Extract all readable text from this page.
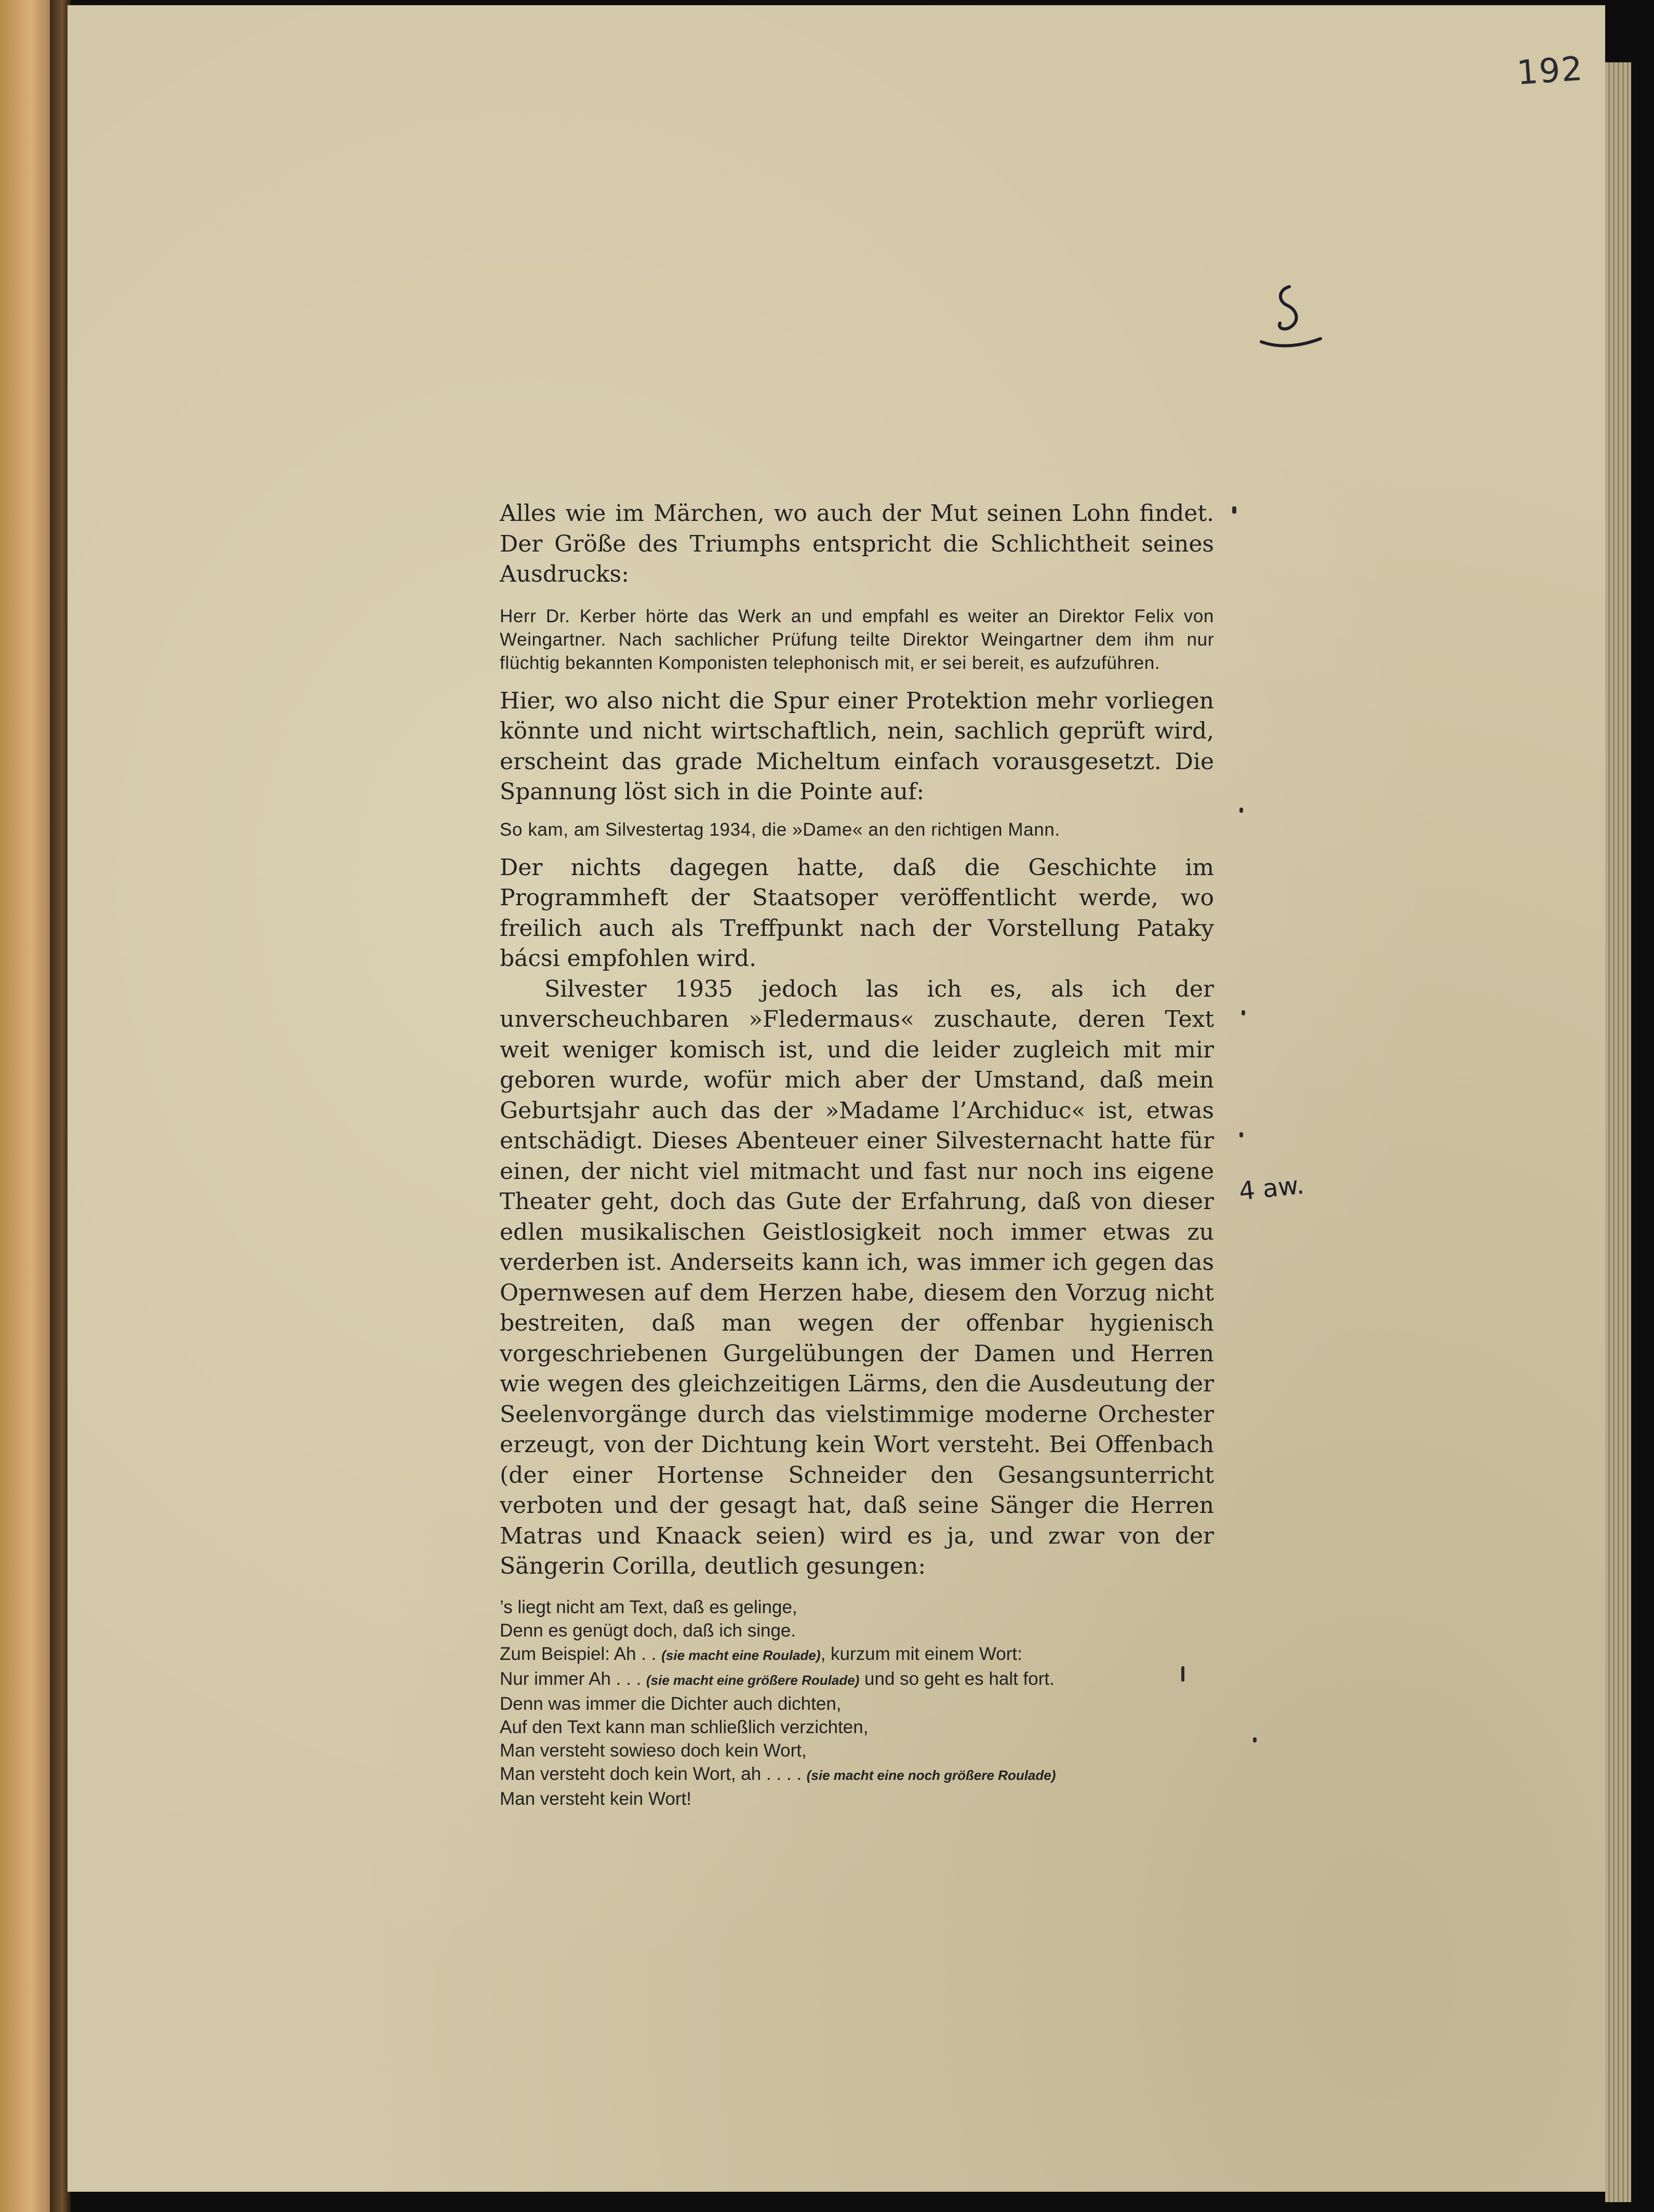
192

Alles wie im Märchen, wo auch der Mut seinen Lohn findet. Der Größe des Triumphs entspricht die Schlichtheit seines Ausdrucks:

Herr Dr. Kerber hörte das Werk an und empfahl es weiter an Direktor Felix von Weingartner. Nach sachlicher Prüfung teilte Direktor Weingartner dem ihm nur flüchtig bekannten Komponisten telephonisch mit, er sei bereit, es aufzuführen.

Hier, wo also nicht die Spur einer Protektion mehr vorliegen könnte und nicht wirtschaftlich, nein, sachlich geprüft wird, erscheint das grade Micheltum einfach vorausgesetzt. Die Spannung löst sich in die Pointe auf:

So kam, am Silvestertag 1934, die »Dame« an den richtigen Mann.

Der nichts dagegen hatte, daß die Geschichte im Programmheft der Staatsoper veröffentlicht werde, wo freilich auch als Treffpunkt nach der Vorstellung Pataky bácsi empfohlen wird.

Silvester 1935 jedoch las ich es, als ich der unverscheuchbaren »Fledermaus« zuschaute, deren Text weit weniger komisch ist, und die leider zugleich mit mir geboren wurde, wofür mich aber der Umstand, daß mein Geburtsjahr auch das der »Madame l’Archiduc« ist, etwas entschädigt. Dieses Abenteuer einer Silvesternacht hatte für einen, der nicht viel mitmacht und fast nur noch ins eigene Theater geht, doch das Gute der Erfahrung, daß von dieser edlen musikalischen Geistlosigkeit noch immer etwas zu verderben ist. Anderseits kann ich, was immer ich gegen das Opernwesen auf dem Herzen habe, diesem den Vorzug nicht bestreiten, daß man wegen der offenbar hygienisch vorgeschriebenen Gurgelübungen der Damen und Herren wie wegen des gleichzeitigen Lärms, den die Ausdeutung der Seelenvorgänge durch das vielstimmige moderne Orchester erzeugt, von der Dichtung kein Wort versteht. Bei Offenbach (der einer Hortense Schneider den Gesangsunterricht verboten und der gesagt hat, daß seine Sänger die Herren Matras und Knaack seien) wird es ja, und zwar von der Sängerin Corilla, deutlich gesungen:

’s liegt nicht am Text, daß es gelinge,
Denn es genügt doch, daß ich singe.
Zum Beispiel: Ah . . (sie macht eine Roulade), kurzum mit einem Wort:
Nur immer Ah . . . (sie macht eine größere Roulade) und so geht es halt fort.
Denn was immer die Dichter auch dichten,
Auf den Text kann man schließlich verzichten,
Man versteht sowieso doch kein Wort,
Man versteht doch kein Wort, ah . . . . (sie macht eine noch größere Roulade)
Man versteht kein Wort!
4 aw.
